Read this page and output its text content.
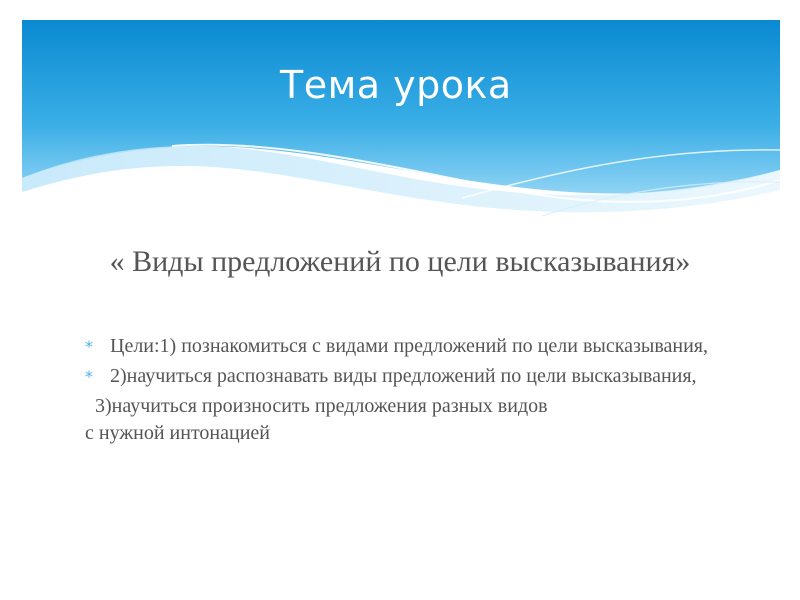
Тема урока
« Виды предложений по цели высказывания»
* Цели:1) познакомиться с видами предложений по цели высказывания,
* 2)научиться распознавать виды предложений по цели высказывания,
3)научиться произносить предложения разных видов
с нужной интонацией
